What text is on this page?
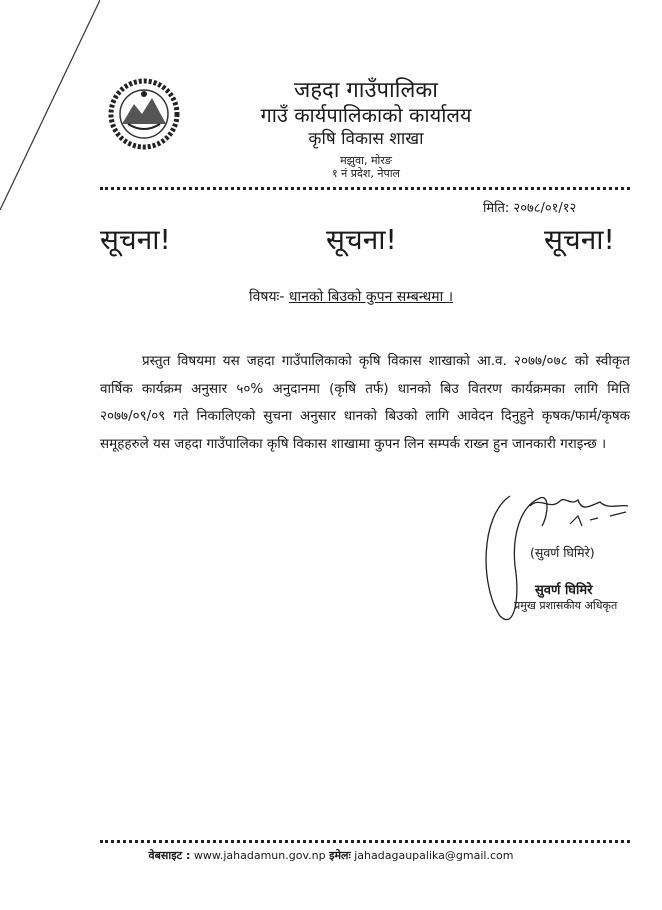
जहदा गाउँपालिका
गाउँ कार्यपालिकाको कार्यालय
कृषि विकास शाखा
मझुवा, मोरङ
१ नं प्रदेश, नेपाल
मिति: २०७८/०१/१२
सूचना!	सूचना!	सूचना!
विषयः- धानको बिउको कुपन सम्बन्धमा ।
प्रस्तुत विषयमा यस जहदा गाउँपालिकाको कृषि विकास शाखाको आ.व. २०७७/०७८ को स्वीकृत वार्षिक कार्यक्रम अनुसार ५०% अनुदानमा (कृषि तर्फ) धानको बिउ वितरण कार्यक्रमका लागि मिति २०७७/०९/०९ गते निकालिएको सुचना अनुसार धानको बिउको लागि आवेदन दिनुहुने कृषक/फार्म/कृषक समूहहरुले यस जहदा गाउँपालिका कृषि विकास शाखामा कुपन लिन सम्पर्क राख्न हुन जानकारी गराइन्छ ।
(सुवर्ण घिमिरे)
सुवर्ण घिमिरे
प्रमुख प्रशासकीय अधिकृत
वेबसाइट : www.jahadamun.gov.np इमेलः jahadagaupalika@gmail.com
